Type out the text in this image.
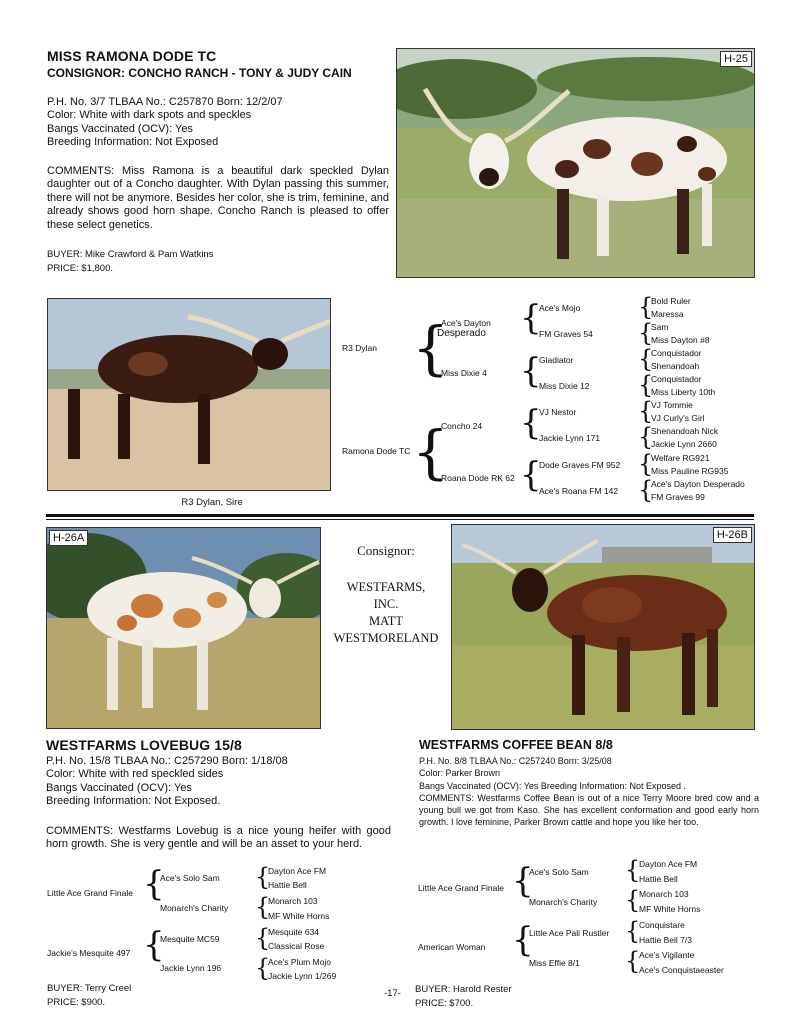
MISS RAMONA DODE TC
CONSIGNOR: CONCHO RANCH - TONY & JUDY CAIN

P.H. No. 3/7 TLBAA No.: C257870 Born: 12/2/07

Color: White with dark spots and speckles

Bangs Vaccinated (OCV): Yes

Breeding Information: Not Exposed

COMMENTS: Miss Ramona is a beautiful dark speckled Dylan daughter out of a Concho daughter. With Dylan passing this summer, there will not be anymore. Besides her color, she is trim, feminine, and already shows good horn shape. Concho Ranch is pleased to offer these select genetics.
BUYER: Mike Crawford & Pam Watkins
PRICE: $1,800.
H-25
R3 Dylan, Sire
R3 Dylan
Ramona Dode TC
{
{
Ace's Dayton
Desperado
Miss Dixie 4
Concho 24
Roana Dode RK 62
{
{
{
{
Ace's Mojo
FM Graves 54
Gladiator
Miss Dixie 12
VJ Nestor
Jackie Lynn 171
Dode Graves FM 952
Ace's Roana FM 142
{
{
{
{
{
{
{
{
Bold Ruler
Maressa
Sam
Miss Dayton #8
Conquistador
Shenandoah
Conquistador
Miss Liberty 10th
VJ Tommie
VJ Curly's Girl
Shenandoah Nick
Jackie Lynn 2660
Welfare RG921
Miss Pauline RG935
Ace's Dayton Desperado
FM Graves 99
H-26A
Consignor:
WESTFARMS,
INC.
MATT
WESTMORELAND
H-26B
WESTFARMS LOVEBUG 15/8

P.H. No. 15/8 TLBAA No.: C257290 Born: 1/18/08

Color: White with red speckled sides

Bangs Vaccinated (OCV): Yes

Breeding Information: Not Exposed.

COMMENTS: Westfarms Lovebug is a nice young heifer with good horn growth. She is very gentle and will be an asset to your herd.
Little Ace Grand Finale
Jackie's Mesquite 497
{
{
Ace's Solo Sam
Monarch's Charity
Mesquite MC59
Jackie Lynn 196
{
{
{
{
Dayton Ace FM
Hattie Bell
Monarch 103
MF White Horns
Mesquite 634
Classical Rose
Ace's Plum Mojo
Jackie Lynn 1/269
BUYER: Terry Creel
PRICE: $900.
WESTFARMS COFFEE BEAN 8/8

P.H. No. 8/8 TLBAA No.: C257240 Born: 3/25/08

Color: Parker Brown

Bangs Vaccinated (OCV): Yes Breeding Information: Not Exposed .

COMMENTS: Westfarms Coffee Bean is out of a nice Terry Moore bred cow and a young bull we got from Kaso. She has excellent conformation and good early horn growth. I love feminine, Parker Brown cattle and hope you like her too.

Little Ace Grand Finale
American Woman
{
{
Ace's Solo Sam
Monarch's Charity
Little Ace Pali Rustler
Miss Effie 8/1
{
{
{
{
Dayton Ace FM
Hattie Bell
Monarch 103
MF White Horns
Conquistare
Hattie Bell 7/3
Ace's Vigilante
Ace's Conquistaeaster
BUYER: Harold Rester
PRICE: $700.
-17-
